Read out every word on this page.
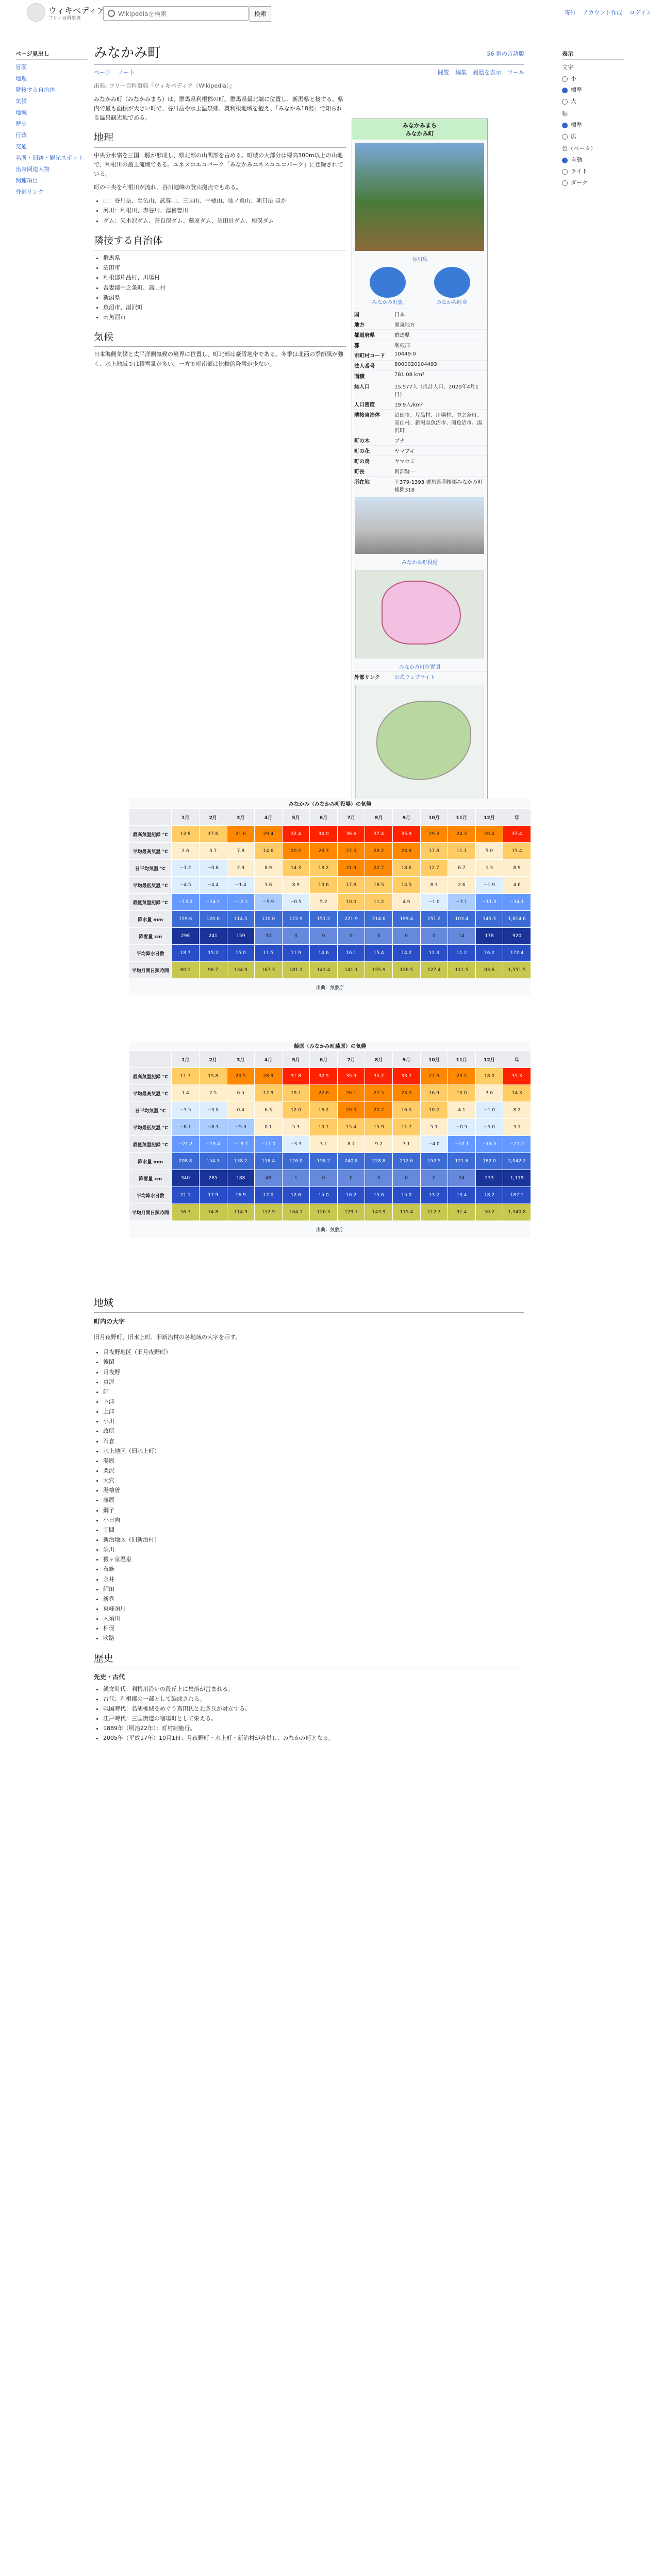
ウィキペディア
フリー百科事典
Wikipediaを検索	検索	寄付 アカウント作成 ログイン
ページ見出し
冒頭
地理
隣接する自治体
気候
地域
歴史
行政
交通
名所・旧跡・観光スポット
出身関連人物
関連項目
外部リンク
みなかみ町	56 個の言語版
ページ ノート	閲覧 編集 履歴を表示 ツール
出典: フリー百科事典『ウィキペディア（Wikipedia）』

みなかみ町（みなかみまち）は、群馬県利根郡の町。群馬県最北端に位置し、新潟県と接する。県内で最も面積が大きい町で、谷川岳や水上温泉郷、奥利根地域を抱え、「みなかみ18湯」で知られる温泉観光地である。

地理

中央分水嶺を三国山脈が形成し、県北部の山間部を占める。町域の大部分は標高300m以上の山地で、利根川の最上流域である。ユネスコエコパーク「みなかみユネスコエコパーク」に登録されている。

町の中央を利根川が流れ、谷川連峰の登山拠点でもある。

• 山：谷川岳、至仏山、武尊山、三国山、平標山、仙ノ倉山、朝日岳 ほか
• 河川：利根川、赤谷川、湯檜曽川
• ダム：矢木沢ダム、奈良俣ダム、藤原ダム、須田貝ダム、相俣ダム
隣接する自治体
• 群馬県
• 沼田市
• 利根郡片品村、川場村
• 吾妻郡中之条町、高山村
• 新潟県
• 魚沼市、湯沢町
• 南魚沼市
気候

日本海側気候と太平洋側気候の境界に位置し、町北部は豪雪地帯である。冬季は北西の季節風が強く、水上地域では積雪量が多い。一方で町南部は比較的降雪が少ない。

みなかみまち
みなかみ町
谷川岳
みなかみ町旗	みなかみ町章
国	日本
地方	関東地方
都道府県	群馬県
郡	利根郡
市町村コード	10449-0
法人番号	8000020104493
面積	781.08 km²
総人口	15,577人（推計人口、2020年4月1日）
人口密度	19.9人/km²
隣接自治体	沼田市、片品村、川場村、中之条町、高山村、新潟県魚沼市、南魚沼市、湯沢町
町の木	ブナ
町の花	ヤマブキ
町の鳥	ヤマセミ
町長	阿部賢一
所在地	〒379-1393 群馬県利根郡みなかみ町後閑318
みなかみ町役場
みなかみ町位置図
外部リンク	公式ウェブサイト
みなかみ（みなかみ町役場）の気候
	1月	2月	3月	4月	5月	6月	7月	8月	9月	10月	11月	12月	年
最高気温記録 °C	12.8	17.6	21.6	29.4	32.4	34.0	36.6	37.4	35.9	29.3	24.3	20.4	37.4
平均最高気温 °C	2.6	3.7	7.8	14.6	20.2	23.3	27.0	28.2	23.9	17.8	11.1	5.0	15.4
日平均気温 °C	−1.2	−0.6	2.9	8.9	14.3	18.2	21.9	22.7	18.6	12.7	6.7	1.3	8.9
平均最低気温 °C	−4.5	−4.4	−1.4	3.6	8.9	13.6	17.8	18.5	14.5	8.3	2.6	−1.9	4.6
最低気温記録 °C	−13.2	−14.1	−12.1	−5.9	−0.5	5.2	10.0	11.2	4.9	−1.0	−7.1	−11.3	−14.1
降水量 mm	159.6	120.6	114.5	110.0	122.9	151.2	221.9	214.6	199.4	151.2	103.4	145.3	1,814.6
降雪量 cm	296	241	159	30	0	0	0	0	0	0	14	178	920
平均降水日数	18.7	15.2	15.0	11.5	11.9	14.6	16.1	15.4	14.2	12.3	11.2	16.2	172.4
平均月間日照時間	80.1	98.7	134.9	167.3	181.1	143.4	141.1	155.9	126.5	127.4	111.5	83.6	1,551.5
出典：気象庁													
藤原（みなかみ町藤原）の気候
	1月	2月	3月	4月	5月	6月	7月	8月	9月	10月	11月	12月	年
最高気温記録 °C	11.7	15.8	20.5	28.9	31.8	32.5	35.3	35.2	33.7	27.9	23.5	18.0	35.3
平均最高気温 °C	1.4	2.5	6.5	12.9	19.1	22.6	26.1	27.5	23.0	16.9	10.0	3.6	14.3
日平均気温 °C	−3.5	−3.0	0.4	6.3	12.0	16.2	20.0	20.7	16.5	10.2	4.1	−1.0	8.2
平均最低気温 °C	−8.1	−8.3	−5.3	0.1	5.3	10.7	15.4	15.9	11.7	5.1	−0.5	−5.0	3.1
最低気温記録 °C	−21.2	−19.4	−18.7	−11.0	−3.3	3.1	8.7	9.2	3.1	−4.0	−10.1	−18.5	−21.2
降水量 mm	208.8	154.3	138.2	118.4	126.0	158.2	240.8	228.8	212.6	152.5	121.6	182.0	2,042.2
降雪量 cm	340	285	188	48	1	0	0	0	0	0	24	233	1,119
平均降水日数	21.1	17.9	16.9	12.0	12.6	15.0	16.2	15.6	15.0	13.2	13.4	18.2	187.1
平均月間日照時間	56.7	74.8	114.9	152.9	164.1	126.3	129.7	143.9	115.4	112.3	91.4	59.2	1,340.8
出典：気象庁													
地域
町内の大字

旧月夜野町、旧水上町、旧新治村の各地域の大字を示す。

• 月夜野地区（旧月夜野町）
• 後閑
• 月夜野
• 真沢
• 師
• 下津
• 上津
• 小川
• 政所
• 石倉
• 水上地区（旧水上町）
• 湯原
• 粟沢
• 大穴
• 湯檜曽
• 藤原
• 綱子
• 小日向
• 寺間
• 新治地区（旧新治村）
• 須川
• 猿ヶ京温泉
• 布施
• 永井
• 師田
• 新巻
• 東峰須川
• 入須川
• 相俣
• 吹路
歴史
先史・古代
• 縄文時代：利根川沿いの段丘上に集落が営まれる。
• 古代：利根郡の一部として編成される。
• 戦国時代：名胡桃城をめぐり真田氏と北条氏が対立する。
• 江戸時代：三国街道の宿場町として栄える。
• 1889年（明治22年）：町村制施行。
• 2005年（平成17年）10月1日：月夜野町・水上町・新治村が合併し、みなかみ町となる。
表示
文字
小
標準
大
幅
標準
広
色（ベータ）
自動
ライト
ダーク
